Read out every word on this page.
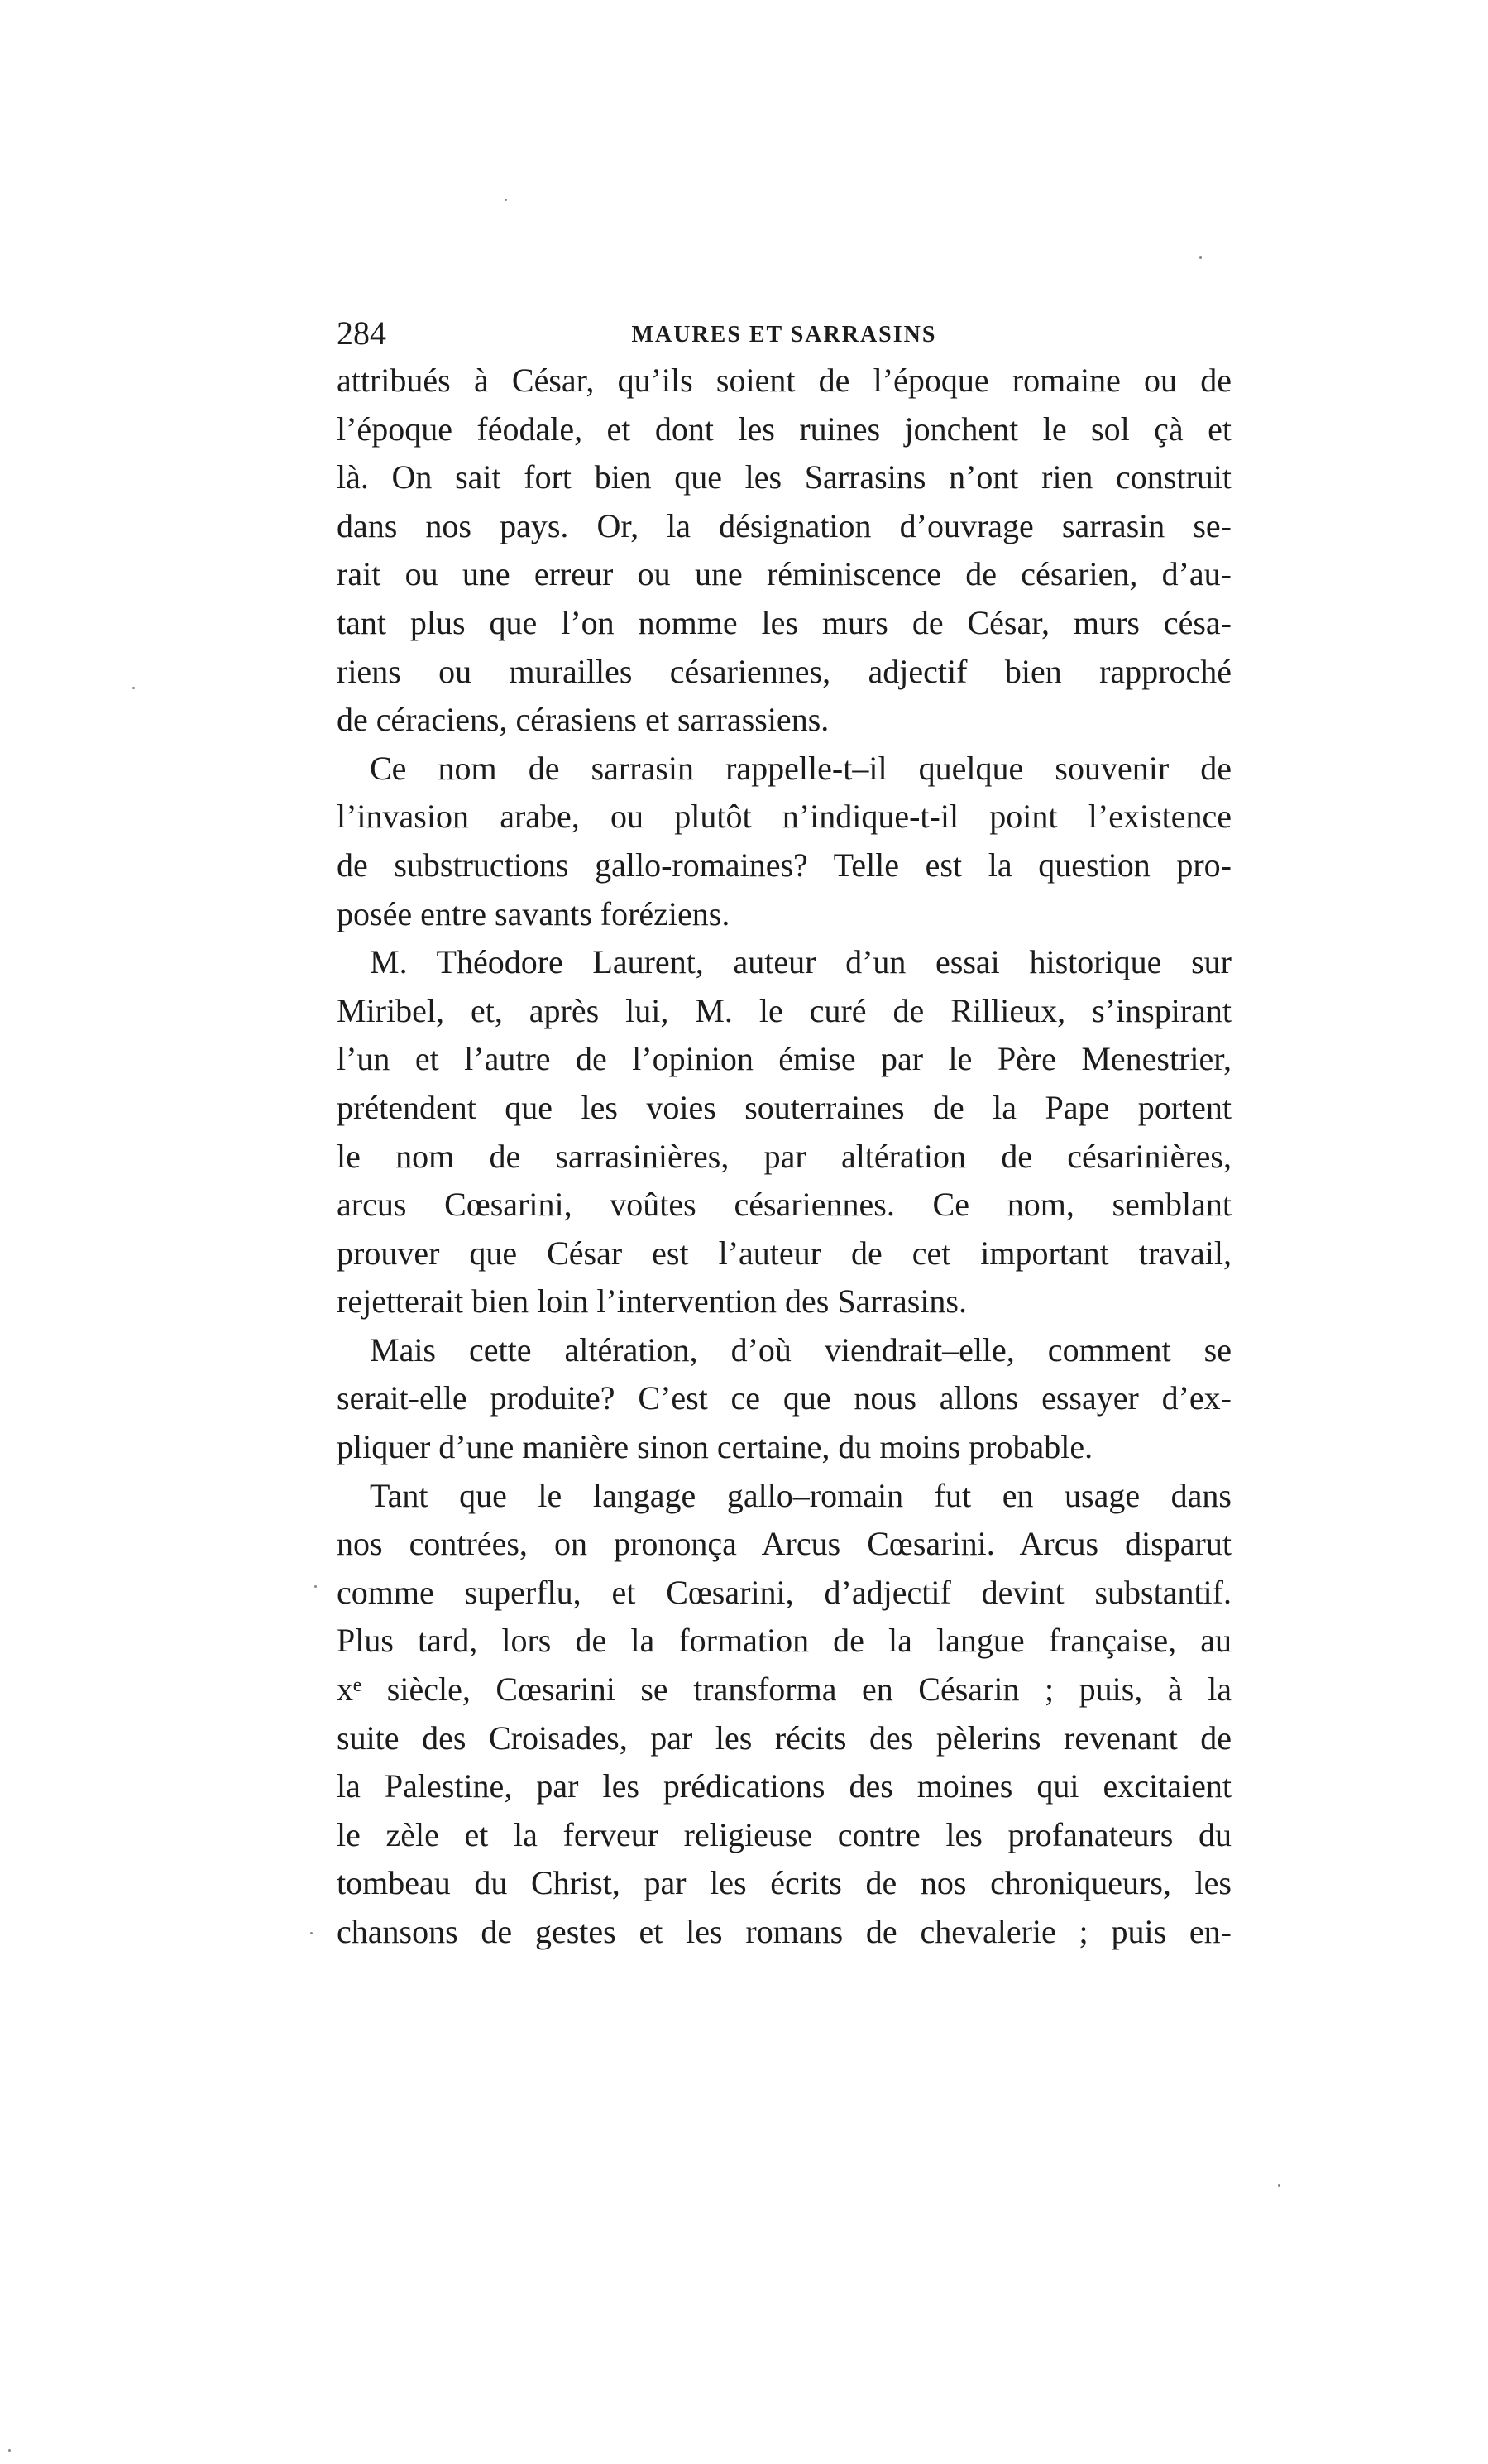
284	MAURES ET SARRASINS

attribués à César, qu’ils soient de l’époque romaine ou de
l’époque féodale, et dont les ruines jonchent le sol çà et
là. On sait fort bien que les Sarrasins n’ont rien construit
dans nos pays. Or, la désignation d’ouvrage sarrasin se-
rait ou une erreur ou une réminiscence de césarien, d’au-
tant plus que l’on nomme les murs de César, murs césa-
riens ou murailles césariennes, adjectif bien rapproché
de céraciens, cérasiens et sarrassiens.

Ce nom de sarrasin rappelle-t–il quelque souvenir de
l’invasion arabe, ou plutôt n’indique-t-il point l’existence
de substructions gallo-romaines? Telle est la question pro-
posée entre savants foréziens.

M. Théodore Laurent, auteur d’un essai historique sur
Miribel, et, après lui, M. le curé de Rillieux, s’inspirant
l’un et l’autre de l’opinion émise par le Père Menestrier,
prétendent que les voies souterraines de la Pape portent
le nom de sarrasinières, par altération de césarinières,
arcus Cœsarini, voûtes césariennes. Ce nom, semblant
prouver que César est l’auteur de cet important travail,
rejetterait bien loin l’intervention des Sarrasins.

Mais cette altération, d’où viendrait–elle, comment se
serait-elle produite? C’est ce que nous allons essayer d’ex-
pliquer d’une manière sinon certaine, du moins probable.

Tant que le langage gallo–romain fut en usage dans
nos contrées, on prononça Arcus Cœsarini. Arcus disparut
comme superflu, et Cœsarini, d’adjectif devint substantif.
Plus tard, lors de la formation de la langue française, au
xᵉ siècle, Cœsarini se transforma en Césarin ; puis, à la
suite des Croisades, par les récits des pèlerins revenant de
la Palestine, par les prédications des moines qui excitaient
le zèle et la ferveur religieuse contre les profanateurs du
tombeau du Christ, par les écrits de nos chroniqueurs, les
chansons de gestes et les romans de chevalerie ; puis en-
